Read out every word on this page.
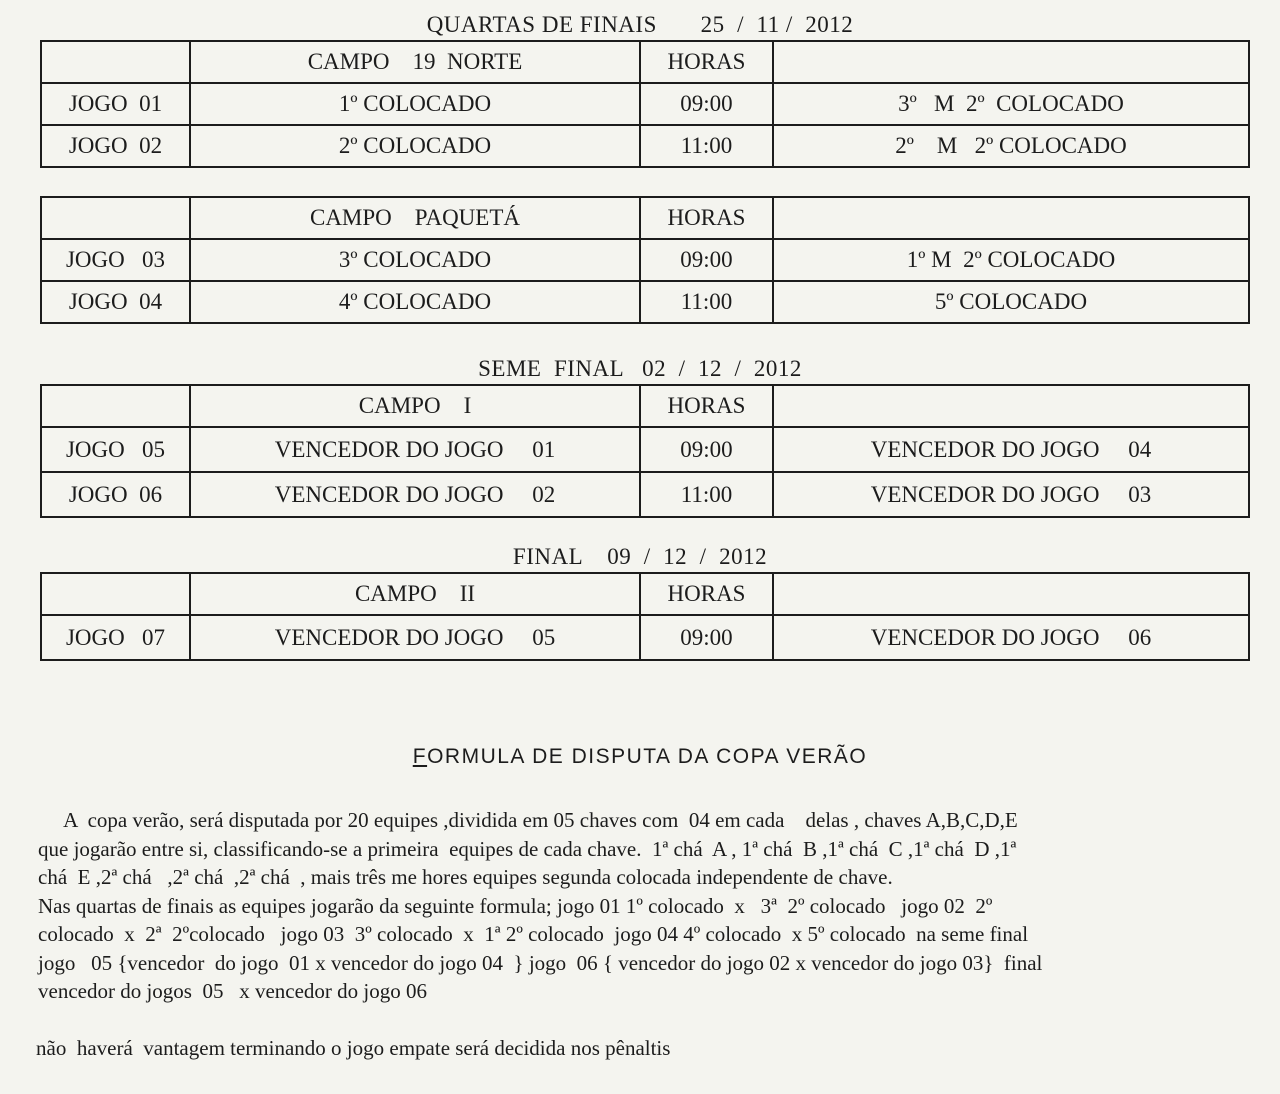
QUARTAS DE FINAIS       25  /  11 /  2012
	CAMPO    19  NORTE	HORAS	
JOGO  01	1º COLOCADO	09:00	3º   M  2º  COLOCADO
JOGO  02	2º COLOCADO	11:00	2º    M   2º COLOCADO
	CAMPO    PAQUETÁ	HORAS	
JOGO   03	3º COLOCADO	09:00	1º M  2º COLOCADO
JOGO  04	4º COLOCADO	11:00	5º COLOCADO
SEME  FINAL   02  /  12  /  2012
	CAMPO    I	HORAS	
JOGO   05	VENCEDOR DO JOGO     01	09:00	VENCEDOR DO JOGO     04
JOGO  06	VENCEDOR DO JOGO     02	11:00	VENCEDOR DO JOGO     03
FINAL    09  /  12  /  2012
	CAMPO    II	HORAS	
JOGO   07	VENCEDOR DO JOGO     05	09:00	VENCEDOR DO JOGO     06
FORMULA DE DISPUTA DA COPA VERÃO

A  copa verão, será disputada por 20 equipes ,dividida em 05 chaves com  04 em cada    delas , chaves A,B,C,D,E

que jogarão entre si, classificando-se a primeira  equipes de cada chave.  1ª chá  A , 1ª chá  B ,1ª chá  C ,1ª chá  D ,1ª

chá  E ,2ª chá   ,2ª chá  ,2ª chá  , mais três me hores equipes segunda colocada independente de chave.

Nas quartas de finais as equipes jogarão da seguinte formula; jogo 01 1º colocado  x   3ª  2º colocado   jogo 02  2º

colocado  x  2ª  2ºcolocado   jogo 03  3º colocado  x  1ª 2º colocado  jogo 04 4º colocado  x 5º colocado  na seme final

jogo   05 {vencedor  do jogo  01 x vencedor do jogo 04  } jogo  06 { vencedor do jogo 02 x vencedor do jogo 03}  final

vencedor do jogos  05   x vencedor do jogo 06

não  haverá  vantagem terminando o jogo empate será decidida nos pênaltis
